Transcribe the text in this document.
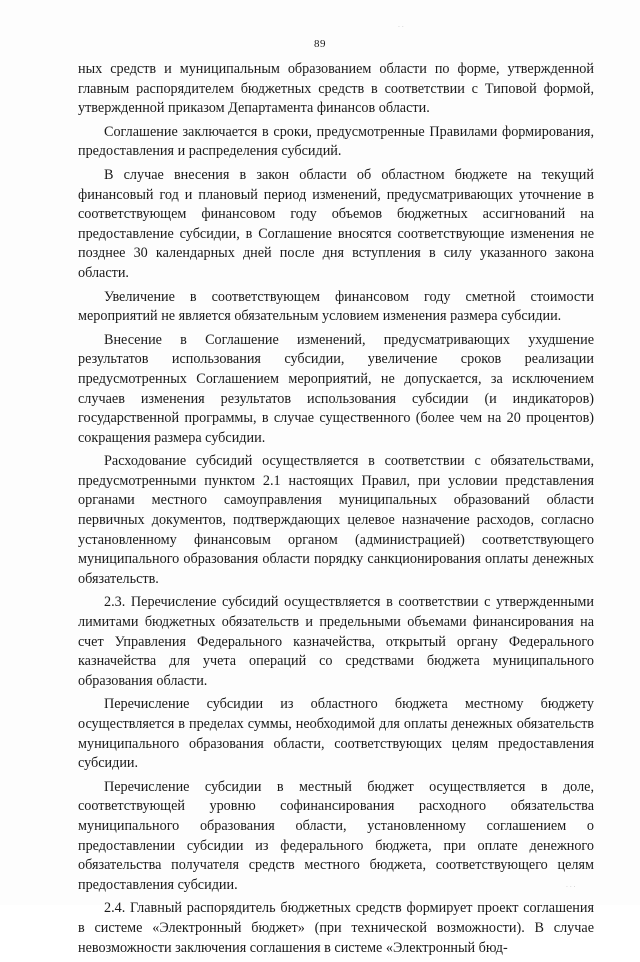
89

ных средств и муниципальным образованием области по форме, утвержденной главным распорядителем бюджетных средств в соответствии с Типовой формой, утвержденной приказом Департамента финансов области.

Соглашение заключается в сроки, предусмотренные Правилами формирования, предоставления и распределения субсидий.

В случае внесения в закон области об областном бюджете на текущий финансовый год и плановый период изменений, предусматривающих уточнение в соответствующем финансовом году объемов бюджетных ассигнований на предоставление субсидии, в Соглашение вносятся соответствующие изменения не позднее 30 календарных дней после дня вступления в силу указанного закона области.

Увеличение в соответствующем финансовом году сметной стоимости мероприятий не является обязательным условием изменения размера субсидии.

Внесение в Соглашение изменений, предусматривающих ухудшение результатов использования субсидии, увеличение сроков реализации предусмотренных Соглашением мероприятий, не допускается, за исключением случаев изменения результатов использования субсидии (и индикаторов) государственной программы, в случае существенного (более чем на 20 процентов) сокращения размера субсидии.

Расходование субсидий осуществляется в соответствии с обязательствами, предусмотренными пунктом 2.1 настоящих Правил, при условии представления органами местного самоуправления муниципальных образований области первичных документов, подтверждающих целевое назначение расходов, согласно установленному финансовым органом (администрацией) соответствующего муниципального образования области порядку санкционирования оплаты денежных обязательств.

2.3. Перечисление субсидий осуществляется в соответствии с утвержденными лимитами бюджетных обязательств и предельными объемами финансирования на счет Управления Федерального казначейства, открытый органу Федерального казначейства для учета операций со средствами бюджета муниципального образования области.

Перечисление субсидии из областного бюджета местному бюджету осуществляется в пределах суммы, необходимой для оплаты денежных обязательств муниципального образования области, соответствующих целям предоставления субсидии.

Перечисление субсидии в местный бюджет осуществляется в доле, соответствующей уровню софинансирования расходного обязательства муниципального образования области, установленному соглашением о предоставлении субсидии из федерального бюджета, при оплате денежного обязательства получателя средств местного бюджета, соответствующего целям предоставления субсидии.

2.4. Главный распорядитель бюджетных средств формирует проект соглашения в системе «Электронный бюджет» (при технической возможности). В случае невозможности заключения соглашения в системе «Электронный бюд-

· ·
· · ·
